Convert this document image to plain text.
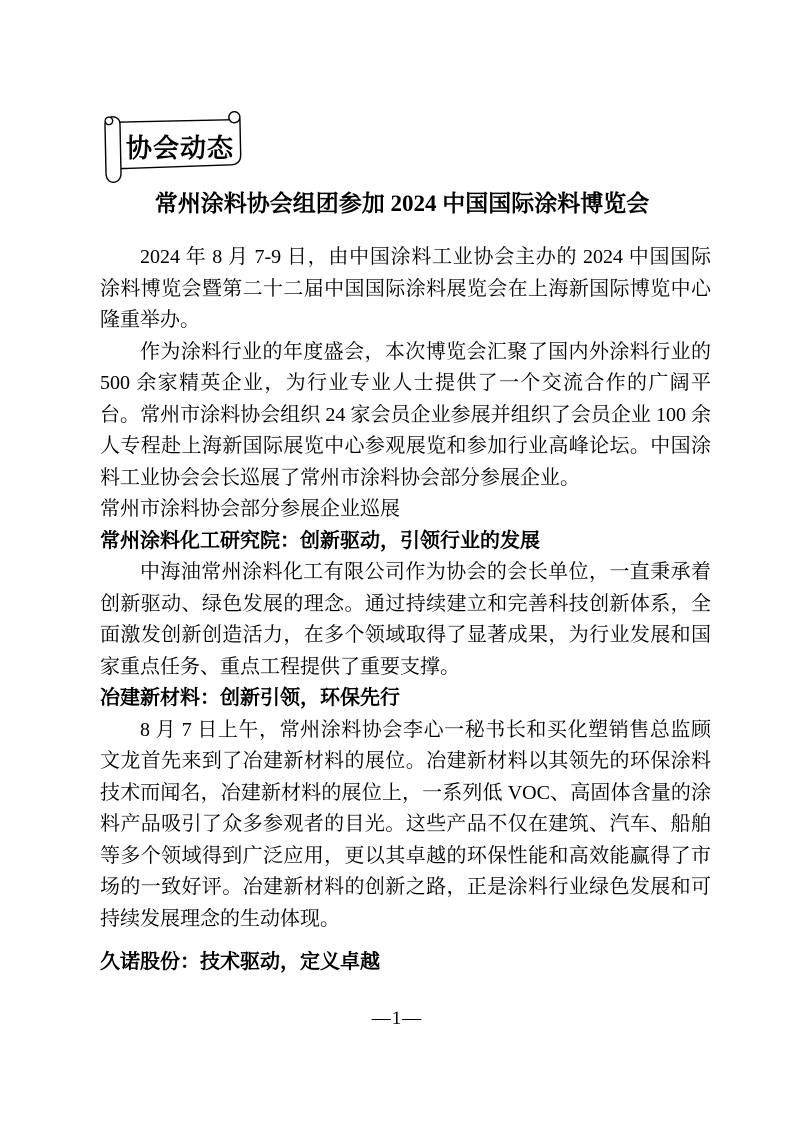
协会动态
常州涂料协会组团参加 2024 中国国际涂料博览会

2024 年 8 月 7-9 日，由中国涂料工业协会主办的 2024 中国国际涂料博览会暨第二十二届中国国际涂料展览会在上海新国际博览中心隆重举办。

作为涂料行业的年度盛会，本次博览会汇聚了国内外涂料行业的 500 余家精英企业，为行业专业人士提供了一个交流合作的广阔平台。常州市涂料协会组织 24 家会员企业参展并组织了会员企业 100 余人专程赴上海新国际展览中心参观展览和参加行业高峰论坛。中国涂料工业协会会长巡展了常州市涂料协会部分参展企业。

常州市涂料协会部分参展企业巡展

常州涂料化工研究院：创新驱动，引领行业的发展

中海油常州涂料化工有限公司作为协会的会长单位，一直秉承着创新驱动、绿色发展的理念。通过持续建立和完善科技创新体系，全面激发创新创造活力，在多个领域取得了显著成果，为行业发展和国家重点任务、重点工程提供了重要支撑。

冶建新材料：创新引领，环保先行

8 月 7 日上午，常州涂料协会李心一秘书长和买化塑销售总监顾文龙首先来到了冶建新材料的展位。冶建新材料以其领先的环保涂料技术而闻名，冶建新材料的展位上，一系列低 VOC、高固体含量的涂料产品吸引了众多参观者的目光。这些产品不仅在建筑、汽车、船舶等多个领域得到广泛应用，更以其卓越的环保性能和高效能赢得了市场的一致好评。冶建新材料的创新之路，正是涂料行业绿色发展和可持续发展理念的生动体现。

久诺股份：技术驱动，定义卓越

—1—
